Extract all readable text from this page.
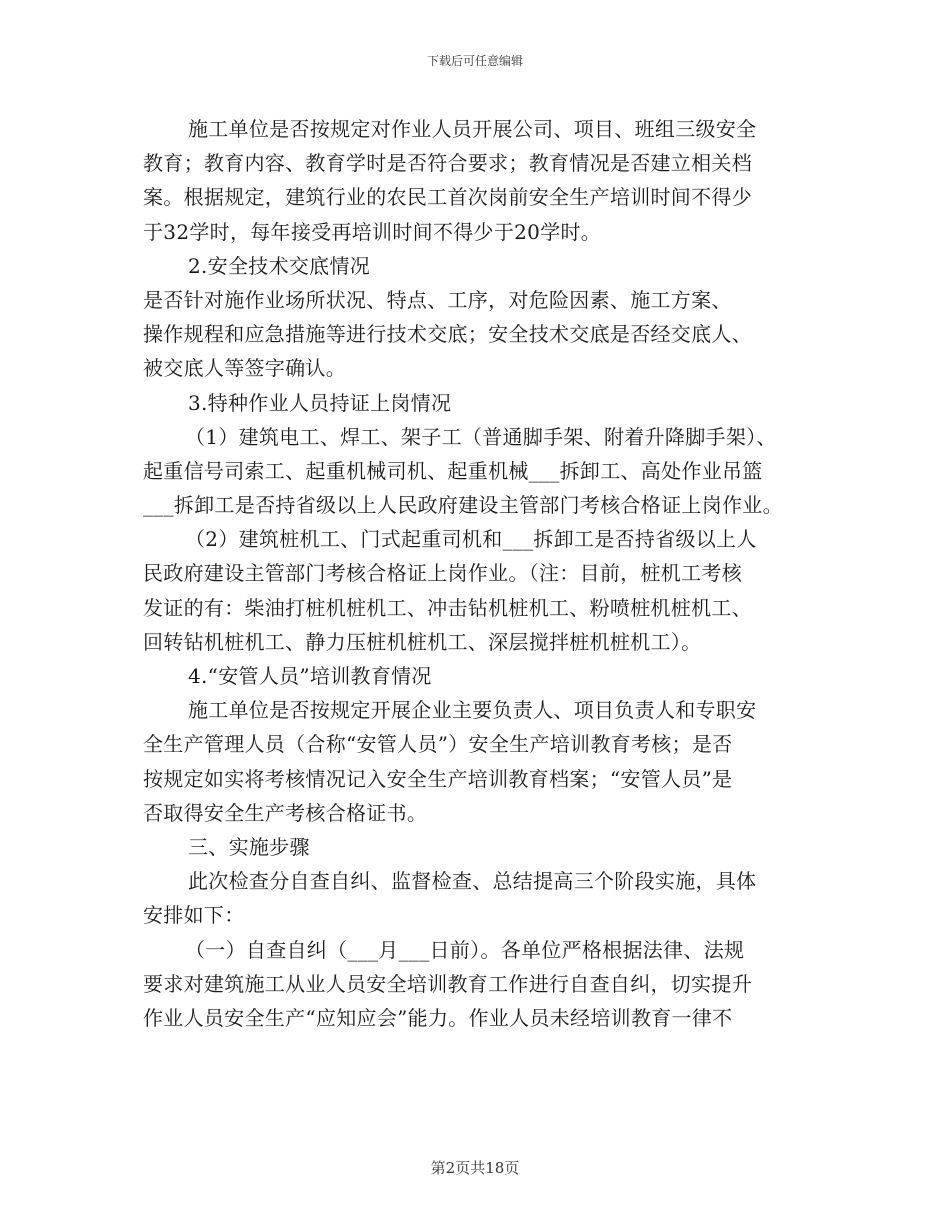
下载后可任意编辑
施工单位是否按规定对作业人员开展公司、项目、班组三级安全
教育；教育内容、教育学时是否符合要求；教育情况是否建立相关档
案。根据规定，建筑行业的农民工首次岗前安全生产培训时间不得少
于32学时，每年接受再培训时间不得少于20学时。
2.安全技术交底情况
是否针对施作业场所状况、特点、工序，对危险因素、施工方案、
操作规程和应急措施等进行技术交底；安全技术交底是否经交底人、
被交底人等签字确认。
3.特种作业人员持证上岗情况
（1）建筑电工、焊工、架子工（普通脚手架、附着升降脚手架）、
起重信号司索工、起重机械司机、起重机械___拆卸工、高处作业吊篮
___拆卸工是否持省级以上人民政府建设主管部门考核合格证上岗作业。
（2）建筑桩机工、门式起重司机和___拆卸工是否持省级以上人
民政府建设主管部门考核合格证上岗作业。（注：目前，桩机工考核
发证的有：柴油打桩机桩机工、冲击钻机桩机工、粉喷桩机桩机工、
回转钻机桩机工、静力压桩机桩机工、深层搅拌桩机桩机工）。
4.“安管人员”培训教育情况
施工单位是否按规定开展企业主要负责人、项目负责人和专职安
全生产管理人员（合称“安管人员”）安全生产培训教育考核；是否
按规定如实将考核情况记入安全生产培训教育档案；“安管人员”是
否取得安全生产考核合格证书。
三、实施步骤
此次检查分自查自纠、监督检查、总结提高三个阶段实施，具体
安排如下：
（一）自查自纠（___月___日前）。各单位严格根据法律、法规
要求对建筑施工从业人员安全培训教育工作进行自查自纠，切实提升
作业人员安全生产“应知应会”能力。作业人员未经培训教育一律不
第2页共18页
